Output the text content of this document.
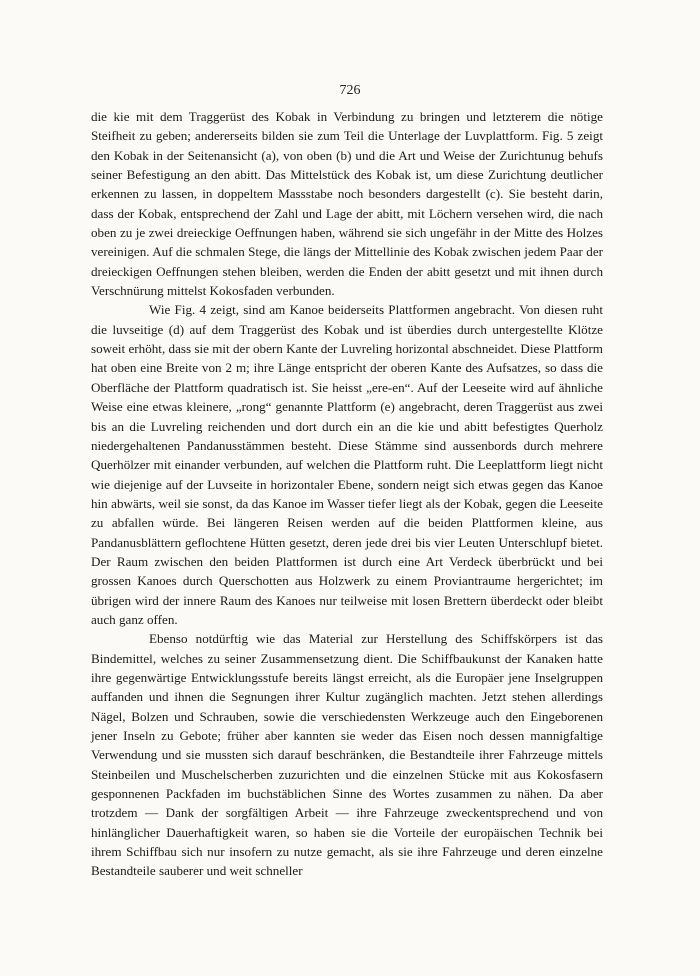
726

die kie mit dem Traggerüst des Kobak in Verbindung zu bringen und letzterem die nötige Steifheit zu geben; andererseits bilden sie zum Teil die Unterlage der Luvplattform. Fig. 5 zeigt den Kobak in der Seitenansicht (a), von oben (b) und die Art und Weise der Zurichtunug behufs seiner Befestigung an den abitt. Das Mittelstück des Kobak ist, um diese Zurichtung deutlicher erkennen zu lassen, in doppeltem Massstabe noch besonders dargestellt (c). Sie besteht darin, dass der Kobak, entsprechend der Zahl und Lage der abitt, mit Löchern versehen wird, die nach oben zu je zwei dreieckige Oeffnungen haben, während sie sich ungefähr in der Mitte des Holzes vereinigen. Auf die schmalen Stege, die längs der Mittellinie des Kobak zwischen jedem Paar der dreieckigen Oeffnungen stehen bleiben, werden die Enden der abitt gesetzt und mit ihnen durch Verschnürung mittelst Kokosfaden verbunden.

Wie Fig. 4 zeigt, sind am Kanoe beiderseits Plattformen angebracht. Von diesen ruht die luvseitige (d) auf dem Traggerüst des Kobak und ist überdies durch untergestellte Klötze soweit erhöht, dass sie mit der obern Kante der Luvreling horizontal abschneidet. Diese Plattform hat oben eine Breite von 2 m; ihre Länge entspricht der oberen Kante des Aufsatzes, so dass die Oberfläche der Plattform quadratisch ist. Sie heisst „ere-en“. Auf der Leeseite wird auf ähnliche Weise eine etwas kleinere, „rong“ genannte Plattform (e) angebracht, deren Traggerüst aus zwei bis an die Luvreling reichenden und dort durch ein an die kie und abitt befestigtes Querholz niedergehaltenen Pandanusstämmen besteht. Diese Stämme sind aussenbords durch mehrere Querhölzer mit einander verbunden, auf welchen die Plattform ruht. Die Leeplattform liegt nicht wie diejenige auf der Luvseite in horizontaler Ebene, sondern neigt sich etwas gegen das Kanoe hin abwärts, weil sie sonst, da das Kanoe im Wasser tiefer liegt als der Kobak, gegen die Leeseite zu abfallen würde. Bei längeren Reisen werden auf die beiden Plattformen kleine, aus Pandanusblättern geflochtene Hütten gesetzt, deren jede drei bis vier Leuten Unterschlupf bietet. Der Raum zwischen den beiden Plattformen ist durch eine Art Verdeck überbrückt und bei grossen Kanoes durch Querschotten aus Holzwerk zu einem Proviantraume hergerichtet; im übrigen wird der innere Raum des Kanoes nur teilweise mit losen Brettern überdeckt oder bleibt auch ganz offen.

Ebenso notdürftig wie das Material zur Herstellung des Schiffskörpers ist das Bindemittel, welches zu seiner Zusammensetzung dient. Die Schiffbaukunst der Kanaken hatte ihre gegenwärtige Entwicklungsstufe bereits längst erreicht, als die Europäer jene Inselgruppen auffanden und ihnen die Segnungen ihrer Kultur zugänglich machten. Jetzt stehen allerdings Nägel, Bolzen und Schrauben, sowie die verschiedensten Werkzeuge auch den Eingeborenen jener Inseln zu Gebote; früher aber kannten sie weder das Eisen noch dessen mannigfaltige Verwendung und sie mussten sich darauf beschränken, die Bestandteile ihrer Fahrzeuge mittels Steinbeilen und Muschelscherben zuzurichten und die einzelnen Stücke mit aus Kokosfasern gesponnenen Packfaden im buchstäblichen Sinne des Wortes zusammen zu nähen. Da aber trotzdem — Dank der sorgfältigen Arbeit — ihre Fahrzeuge zweckentsprechend und von hinlänglicher Dauerhaftigkeit waren, so haben sie die Vorteile der europäischen Technik bei ihrem Schiffbau sich nur insofern zu nutze gemacht, als sie ihre Fahrzeuge und deren einzelne Bestandteile sauberer und weit schneller
